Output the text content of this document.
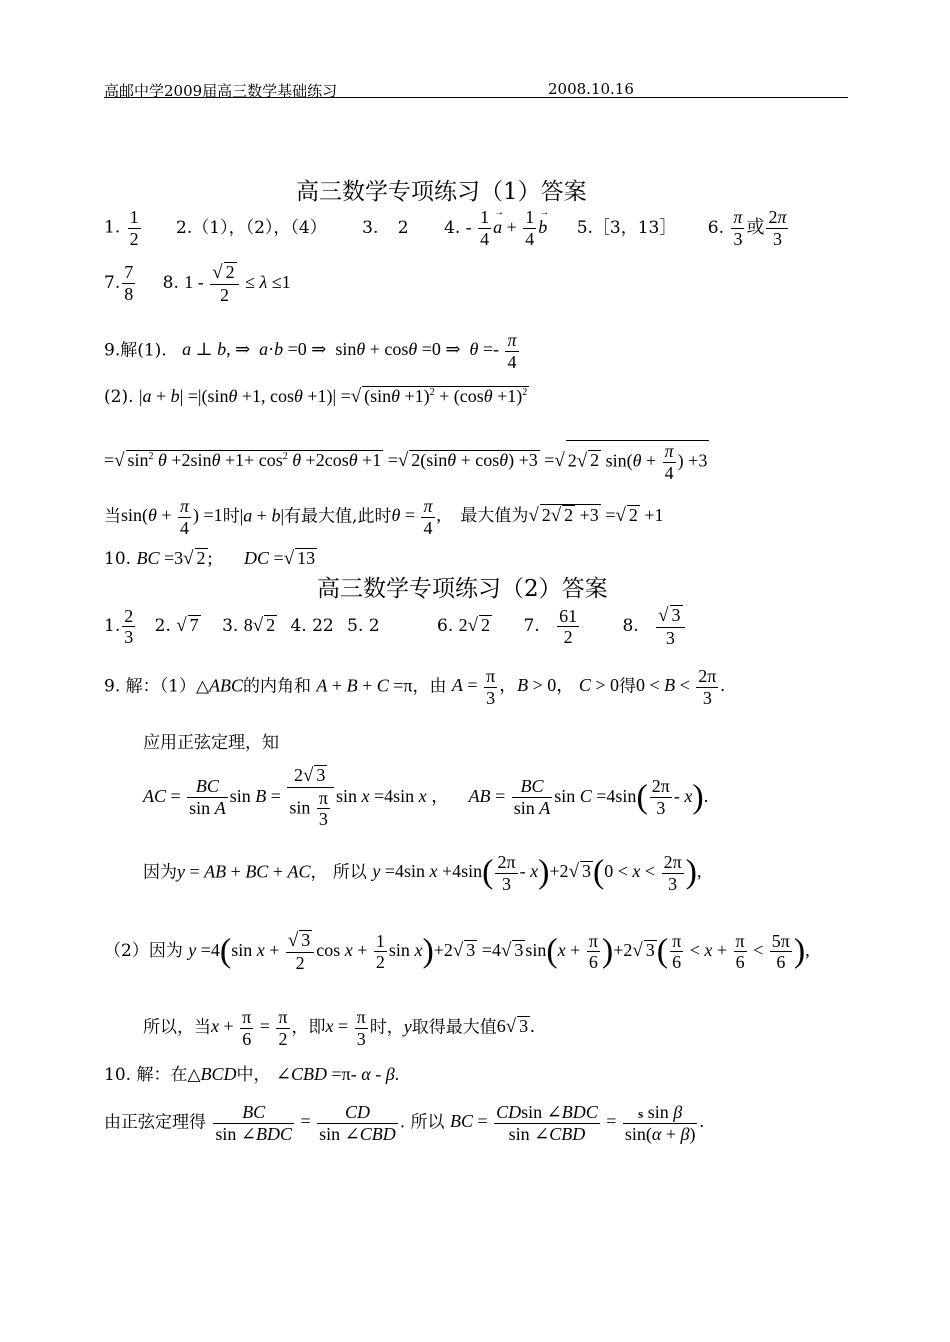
高邮中学2009届高三数学基础练习	2008.10.16
高三数学专项练习（1）答案
1. $\frac{1}{2} 2.(1)$，（2），（4） 3. 2 4. - $\frac{1}{4}$
→ $a + \frac{1}{4}$
→ b 5.［3，13］ 6. $\frac{\pi}{3}$ 或 $\frac{2\pi}{3}$
7. $\frac{7}{8} 8$. $1 - \frac{√ 2}{2} \le \lambda \le 1$
9.解(1). a ⊥ b, ⇒  a·b =0 ⇒  sinθ + cosθ =0 ⇒  $\theta =- \frac{\pi}{4}$
(2). |a + b| =|(sinθ +1, cosθ +1)| =√ $(\sin\theta +1)^2 + (\cos\theta +1)^2$
=√ $\sin^2 \theta +2\sin\theta +1+ \cos^2 \theta +2\cos\theta +1$ =√ 2(sinθ + cosθ) +3 =√ 2√ 2 $\sin(\theta + \frac{\pi}{4}$ ) +3
当$\sin(\theta + \frac{\pi}{4}$ ) =1时|a + b|有最大值,此时$\theta = \frac{\pi}{4}$ , 最大值为√ 2√ 2 +3 =√ 2 +1
10. BC =3√ 2 ;       DC =√ 13
高三数学专项练习（2）答案
1. $\frac{2}{3} 2$. √ 7 3. 8√ 2 4. 22 5. 2	6. 2√ 2 7. $\frac{61}{2}$	8. $\frac{√ 3}{3}$
9. 解：（1）△ABC的内角和 A + B + C =π，由 $A = \frac{\pi}{3}$ ，B > 0， C > 0得$0 < B < \frac{2\pi}{3}$ .
应用正弦定理，知
AC = $\frac{BC}{\text{sin A}}$ $\sin B = \frac{2√ 3}{\sin \frac{\pi}{3}}$ sin x =4sin x ， AB = $\frac{BC}{\text{sin A}}$ $\sin C =4\sin( \frac{2\pi}{3} - x)$.
因为y = AB + BC + AC， 所以 y =4sin $x +4\sin( \frac{2\pi}{3} - x)+2√$ $3(0 < x < \frac{2\pi}{3}$ ),
（2）因为 y =4(sin $x + \frac{√ 3}{2}$ $\cos x + \frac{1}{2}$ sin x)+2√ 3 =4√ 3 $\sin(x + \frac{\pi}{6} )+2√$ $3( \frac{\pi}{6} < x + \frac{\pi}{6} < \frac{5\pi}{6}$ ),
所以，当$x + \frac{\pi}{6} = \frac{\pi}{2}$ ，即$x = \frac{\pi}{3}$ 时，y取得最大值6√ 3 .
10. 解：在△BCD中， ∠CBD =π- α - β.
由正弦定理得 $\frac{BC}{\text{sin ∠BDC}} = \frac{CD}{\text{sin ∠CBD}}$ . 所以 BC = $\frac{\text{CDsin ∠BDC}}{\text{sin ∠CBD}} = \frac{\text{s sin β}}{\sin(\alpha + \beta)}$ .
